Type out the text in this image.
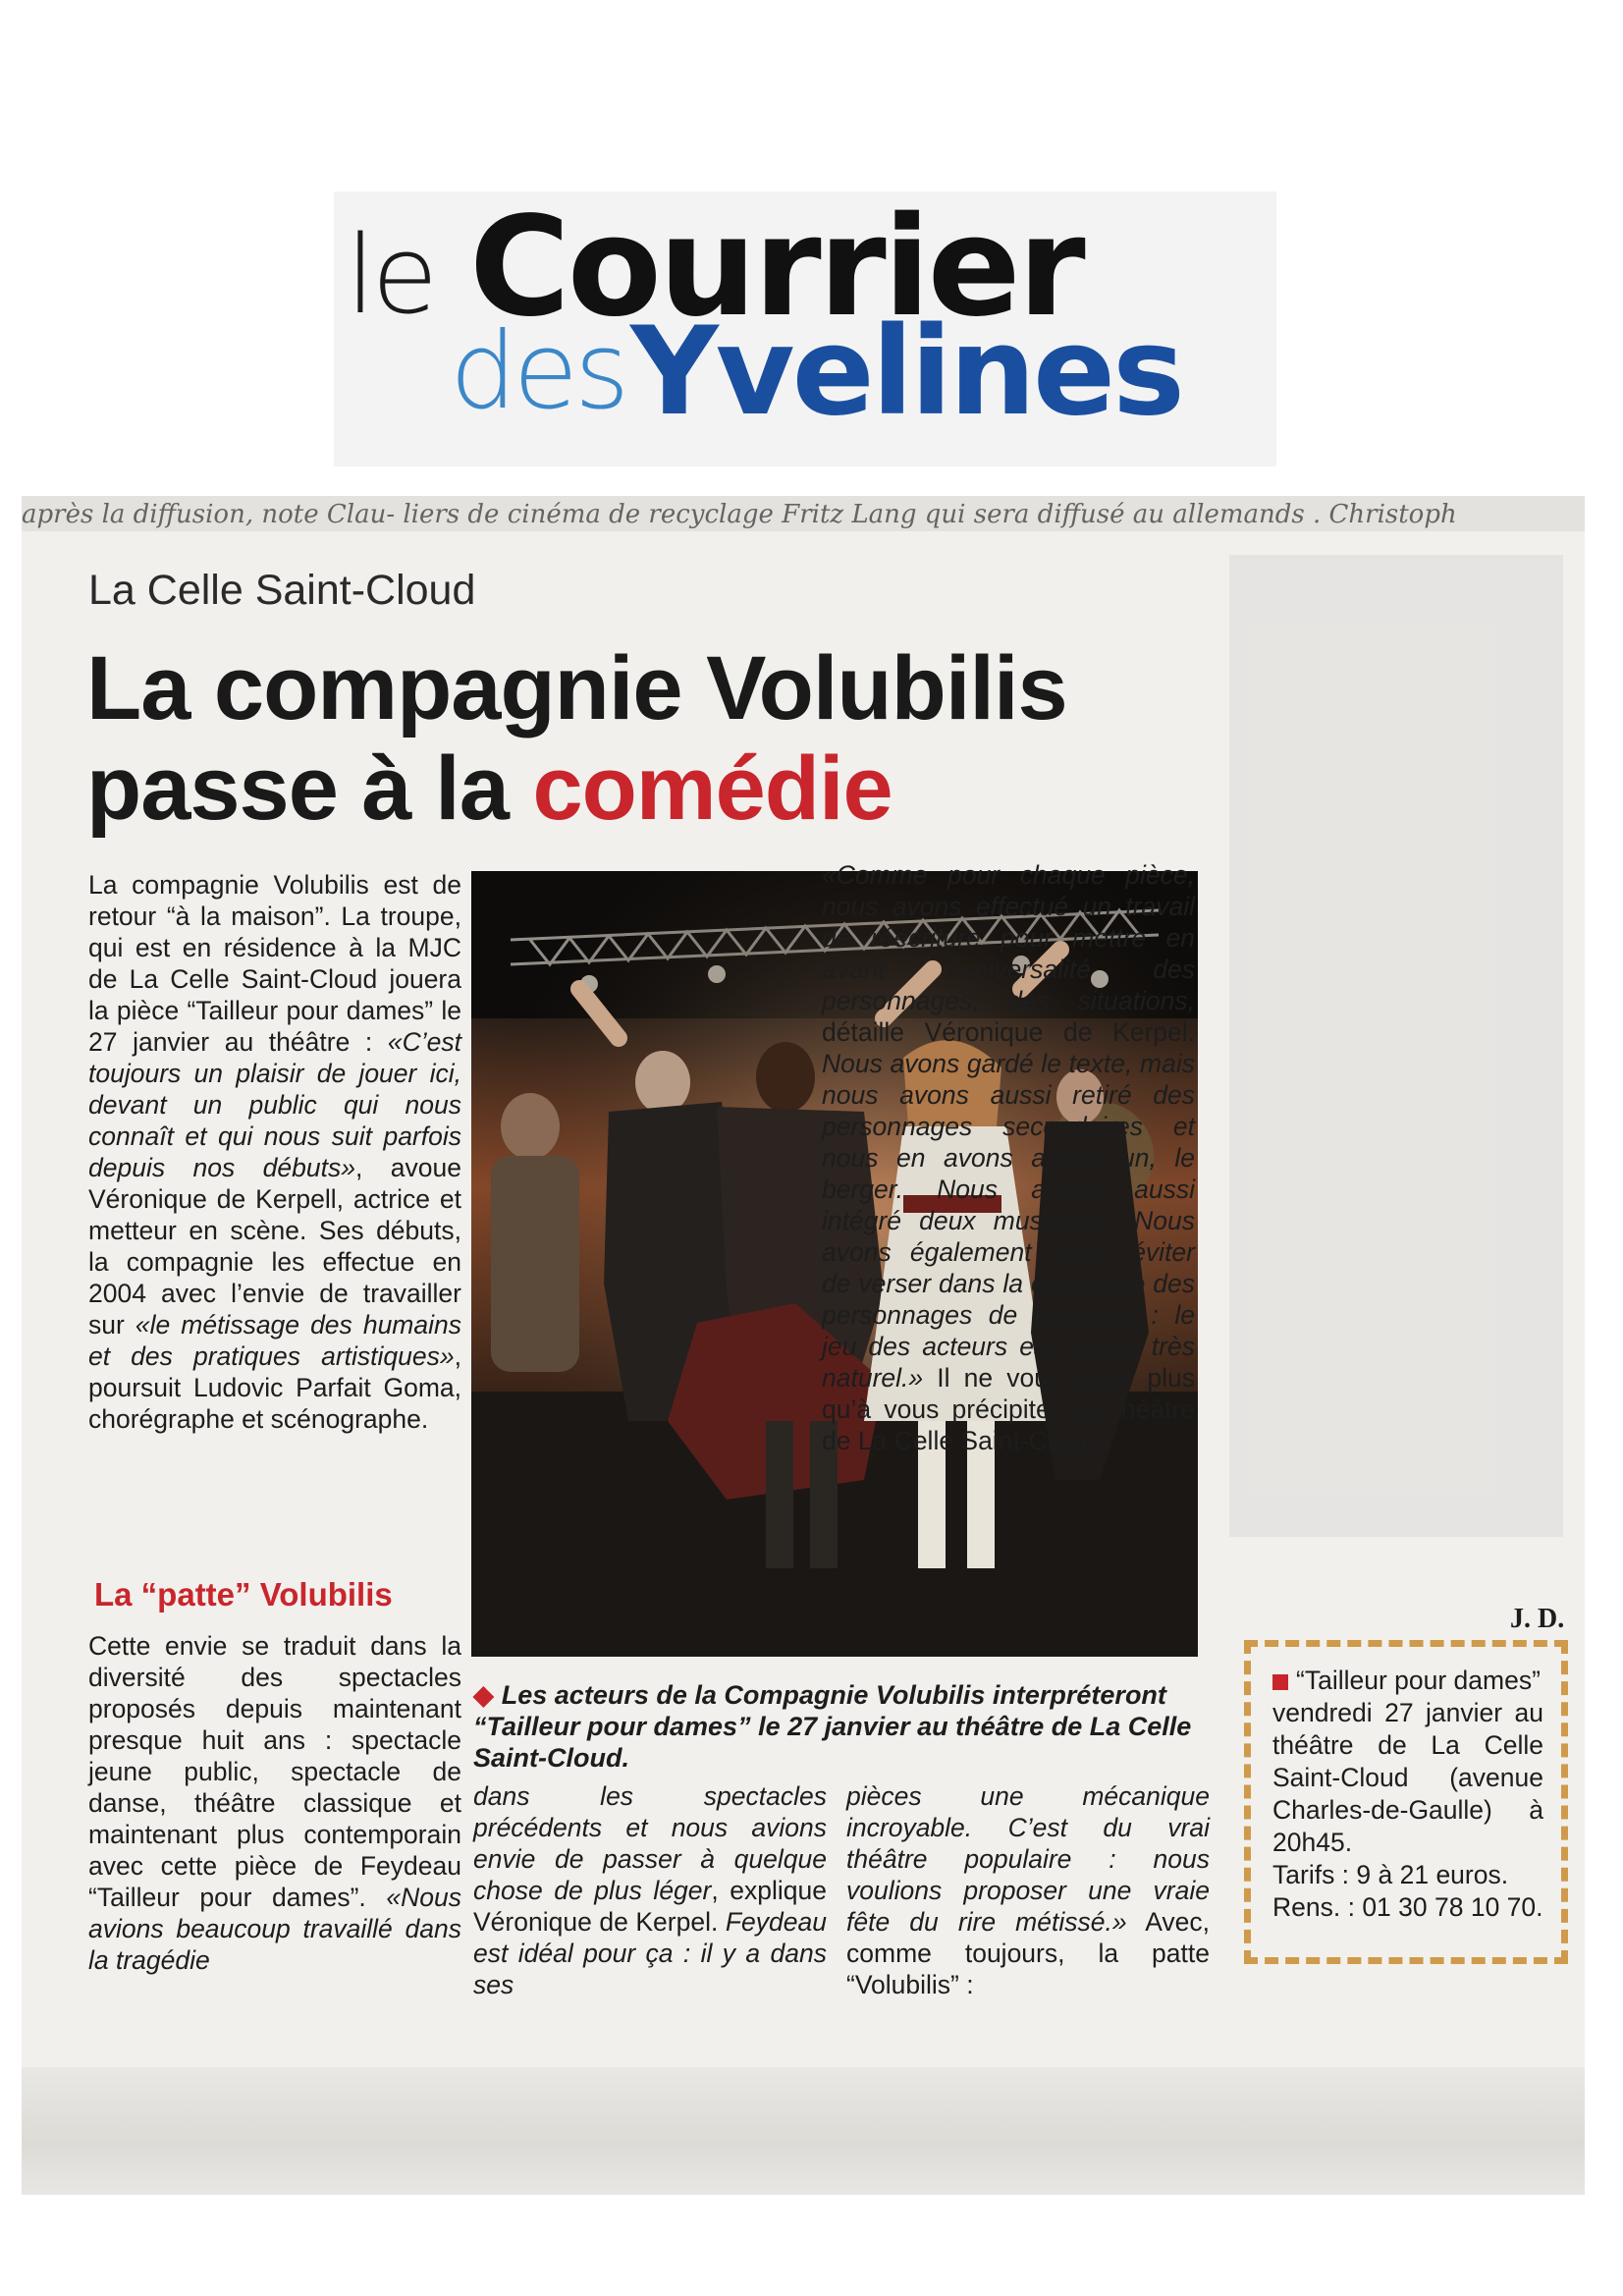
le Courrier
des Yvelines
après la diffusion, note Clau- liers de cinéma de recyclage Fritz Lang qui sera diffusé au allemands . Christoph
La Celle Saint-Cloud
La compagnie Volubilis
passe à la comédie

La compagnie Volubilis est de retour “à la maison”. La troupe, qui est en résidence à la MJC de La Celle Saint-Cloud jouera la pièce “Tailleur pour dames” le 27 janvier au théâtre : «C’est toujours un plaisir de jouer ici, devant un public qui nous connaît et qui nous suit parfois depuis nos débuts», avoue Véronique de Kerpell, actrice et metteur en scène. Ses débuts, la compagnie les effectue en 2004 avec l’envie de travailler sur «le métissage des humains et des pratiques artistiques», poursuit Ludovic Parfait Goma, chorégraphe et scénographe.

La “patte” Volubilis

Cette envie se traduit dans la diversité des spectacles proposés depuis maintenant presque huit ans : spectacle jeune public, spectacle de danse, théâtre classique et maintenant plus contemporain avec cette pièce de Feydeau “Tailleur pour dames”. «Nous avions beaucoup travaillé dans la tragédie

◆ Les acteurs de la Compagnie Volubilis interpréteront “Tailleur pour dames” le 27 janvier au théâtre de La Celle Saint-Cloud.

dans les spectacles précédents et nous avions envie de passer à quelque chose de plus léger, explique Véronique de Kerpel. Feydeau est idéal pour ça : il y a dans ses

pièces une mécanique incroyable. C’est du vrai théâtre populaire : nous voulions proposer une vraie fête du rire métissé.» Avec, comme toujours, la patte “Volubilis” :

«Comme pour chaque pièce, nous avons effectué un travail de réécriture pour mettre en avant l’universalité des personnages, des situations, détaille Véronique de Kerpel. Nous avons gardé le texte, mais nous avons aussi retiré des personnages secondaires et nous en avons ajouté un, le berger. Nous avons aussi intégré deux musiciens. Nous avons également voulu éviter de verser dans la caricature des personnages de Feydeau : le jeu des acteurs est épuré, très naturel.» Il ne vous reste plus qu’à vous précipiter au théâtre de La Celle Saint-Cloud !

J. D.

“Tailleur pour dames”

vendredi 27 janvier au théâtre de La Celle Saint-Cloud (avenue Charles-de-Gaulle) à 20h45.

Tarifs : 9 à 21 euros.

Rens. : 01 30 78 10 70.
